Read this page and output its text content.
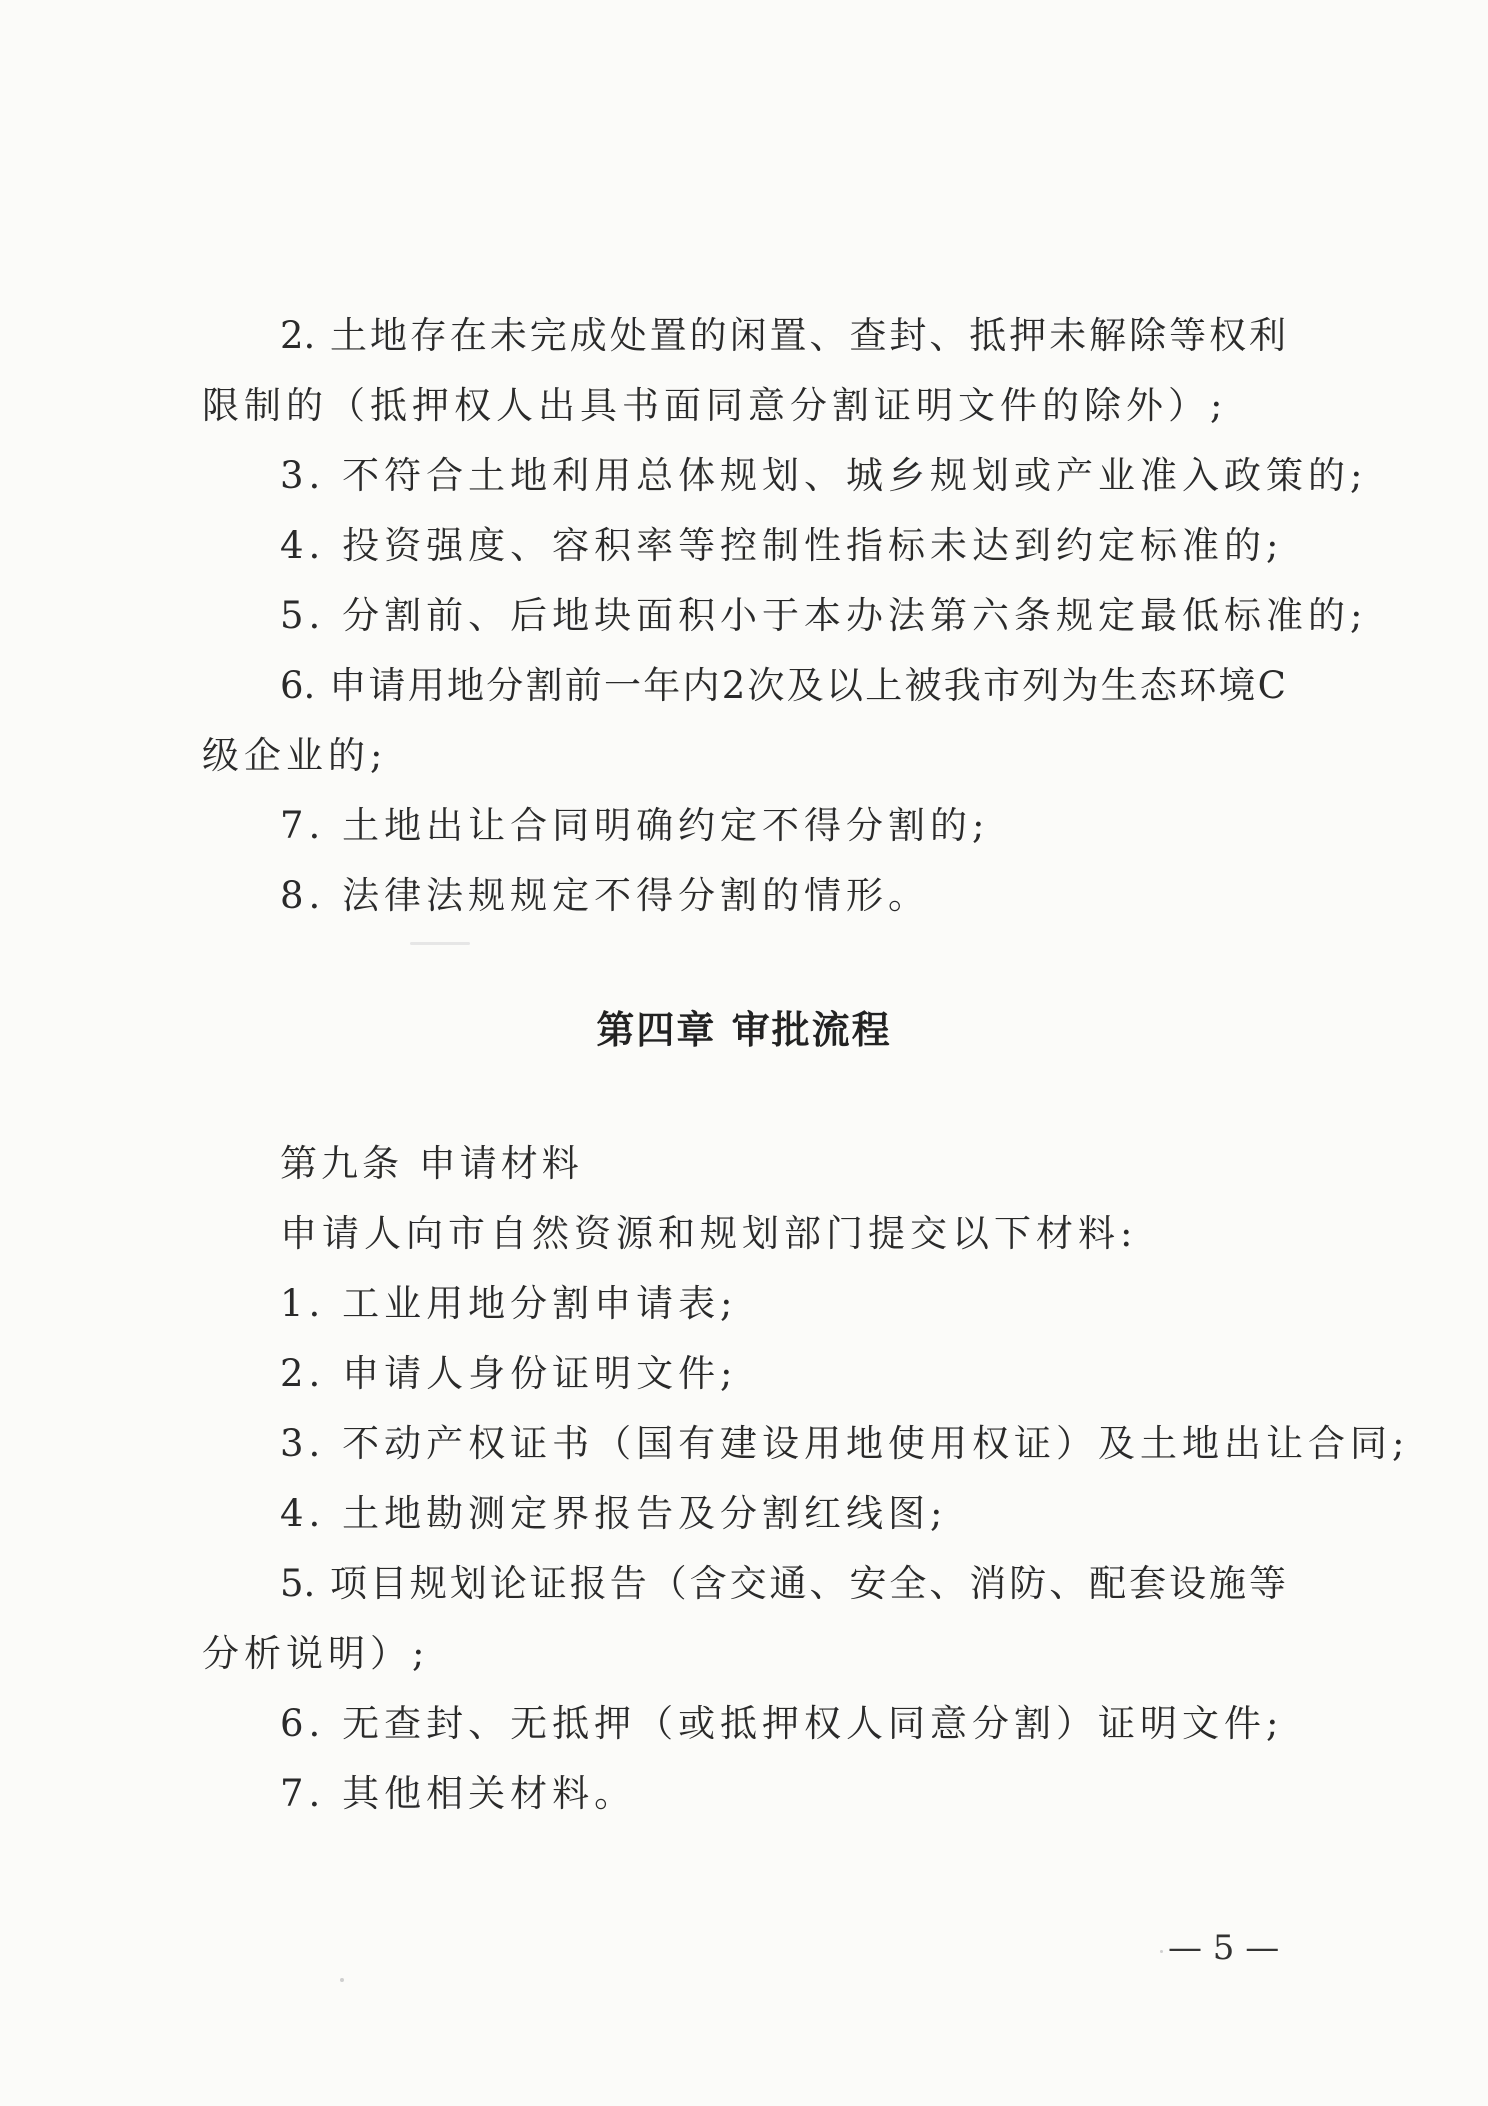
2. 土地存在未完成处置的闲置、查封、抵押未解除等权利
限制的（抵押权人出具书面同意分割证明文件的除外）;
3. 不符合土地利用总体规划、城乡规划或产业准入政策的;
4. 投资强度、容积率等控制性指标未达到约定标准的;
5. 分割前、后地块面积小于本办法第六条规定最低标准的;
6. 申请用地分割前一年内2次及以上被我市列为生态环境C
级企业的;
7. 土地出让合同明确约定不得分割的;
8. 法律法规规定不得分割的情形。
第四章 审批流程
第九条 申请材料
申请人向市自然资源和规划部门提交以下材料:
1. 工业用地分割申请表;
2. 申请人身份证明文件;
3. 不动产权证书（国有建设用地使用权证）及土地出让合同;
4. 土地勘测定界报告及分割红线图;
5. 项目规划论证报告（含交通、安全、消防、配套设施等
分析说明）;
6. 无查封、无抵押（或抵押权人同意分割）证明文件;
7. 其他相关材料。
— 5 —
